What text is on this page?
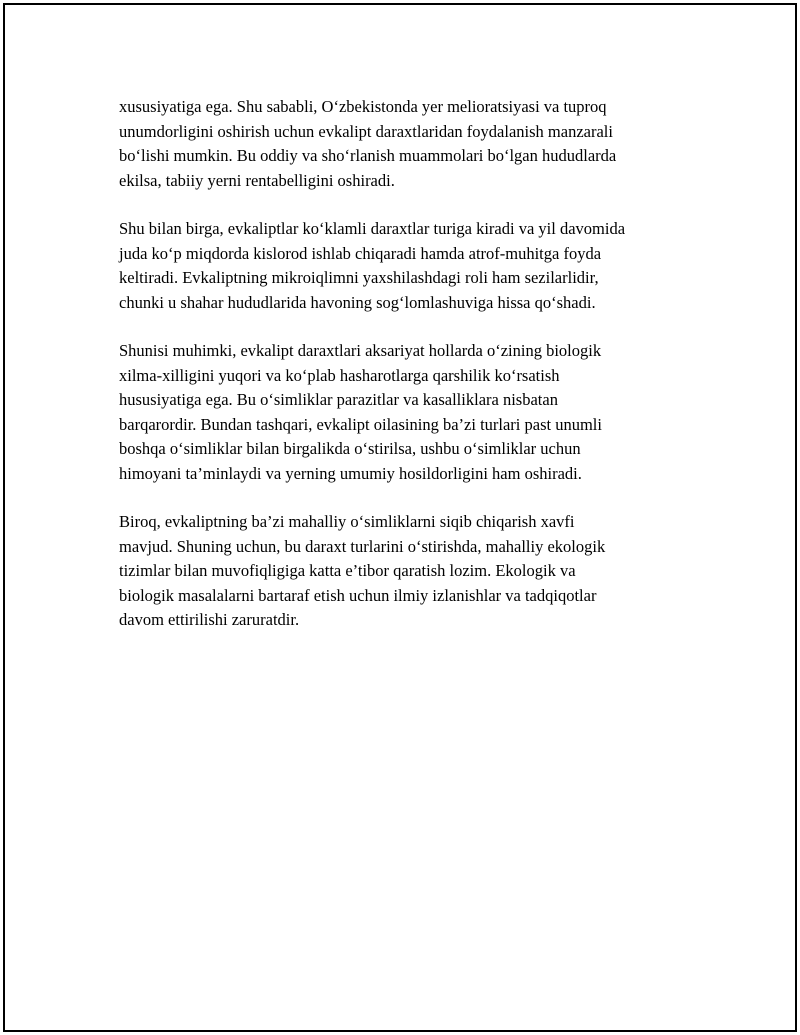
xususiyatiga ega. Shu sababli, O‘zbekistonda yer melioratsiyasi va tuproq
unumdorligini oshirish uchun evkalipt daraxtlaridan foydalanish manzarali
bo‘lishi mumkin. Bu oddiy va sho‘rlanish muammolari bo‘lgan hududlarda
ekilsa, tabiiy yerni rentabelligini oshiradi.

Shu bilan birga, evkaliptlar ko‘klamli daraxtlar turiga kiradi va yil davomida
juda ko‘p miqdorda kislorod ishlab chiqaradi hamda atrof-muhitga foyda
keltiradi. Evkaliptning mikroiqlimni yaxshilashdagi roli ham sezilarlidir,
chunki u shahar hududlarida havoning sog‘lomlashuviga hissa qo‘shadi.

Shunisi muhimki, evkalipt daraxtlari aksariyat hollarda o‘zining biologik
xilma-xilligini yuqori va ko‘plab hasharotlarga qarshilik ko‘rsatish
hususiyatiga ega. Bu o‘simliklar parazitlar va kasalliklara nisbatan
barqarordir. Bundan tashqari, evkalipt oilasining ba’zi turlari past unumli
boshqa o‘simliklar bilan birgalikda o‘stirilsa, ushbu o‘simliklar uchun
himoyani ta’minlaydi va yerning umumiy hosildorligini ham oshiradi.

Biroq, evkaliptning ba’zi mahalliy o‘simliklarni siqib chiqarish xavfi
mavjud. Shuning uchun, bu daraxt turlarini o‘stirishda, mahalliy ekologik
tizimlar bilan muvofiqligiga katta e’tibor qaratish lozim. Ekologik va
biologik masalalarni bartaraf etish uchun ilmiy izlanishlar va tadqiqotlar
davom ettirilishi zaruratdir.
